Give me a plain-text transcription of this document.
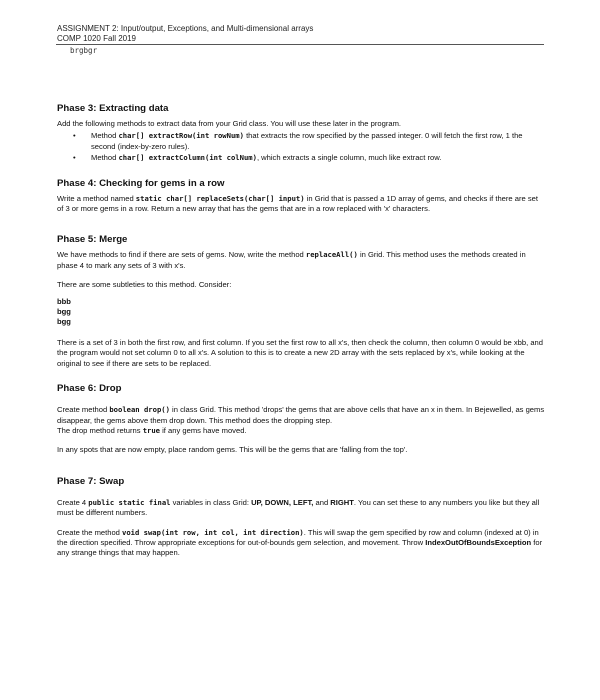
ASSIGNMENT 2: Input/output, Exceptions, and Multi-dimensional arrays
COMP 1020 Fall 2019
brgbgr
Phase 3: Extracting data

Add the following methods to extract data from your Grid class. You will use these later in the program.

• Method char[] extractRow(int rowNum) that extracts the row specified by the passed integer. 0 will fetch the first row, 1 the second (index-by-zero rules).
• Method char[] extractColumn(int colNum), which extracts a single column, much like extract row.
Phase 4: Checking for gems in a row

Write a method named static char[] replaceSets(char[] input) in Grid that is passed a 1D array of gems, and checks if there are set of 3 or more gems in a row. Return a new array that has the gems that are in a row replaced with 'x' characters.

Phase 5: Merge

We have methods to find if there are sets of gems. Now, write the method replaceAll() in Grid. This method uses the methods created in phase 4 to mark any sets of 3 with x's.

There are some subtleties to this method. Consider:

bbb
bgg
bgg

There is a set of 3 in both the first row, and first column. If you set the first row to all x's, then check the column, then column 0 would be xbb, and the program would not set column 0 to all x's. A solution to this is to create a new 2D array with the sets replaced by x's, while looking at the original to see if there are sets to be replaced.

Phase 6: Drop

Create method boolean drop() in class Grid. This method 'drops' the gems that are above cells that have an x in them. In Bejewelled, as gems disappear, the gems above them drop down. This method does the dropping step.

The drop method returns true if any gems have moved.

In any spots that are now empty, place random gems. This will be the gems that are 'falling from the top'.

Phase 7: Swap

Create 4 public static final variables in class Grid: UP, DOWN, LEFT, and RIGHT. You can set these to any numbers you like but they all must be different numbers.

Create the method void swap(int row, int col, int direction). This will swap the gem specified by row and column (indexed at 0) in the direction specified. Throw appropriate exceptions for out-of-bounds gem selection, and movement. Throw IndexOutOfBoundsException for any strange things that may happen.
